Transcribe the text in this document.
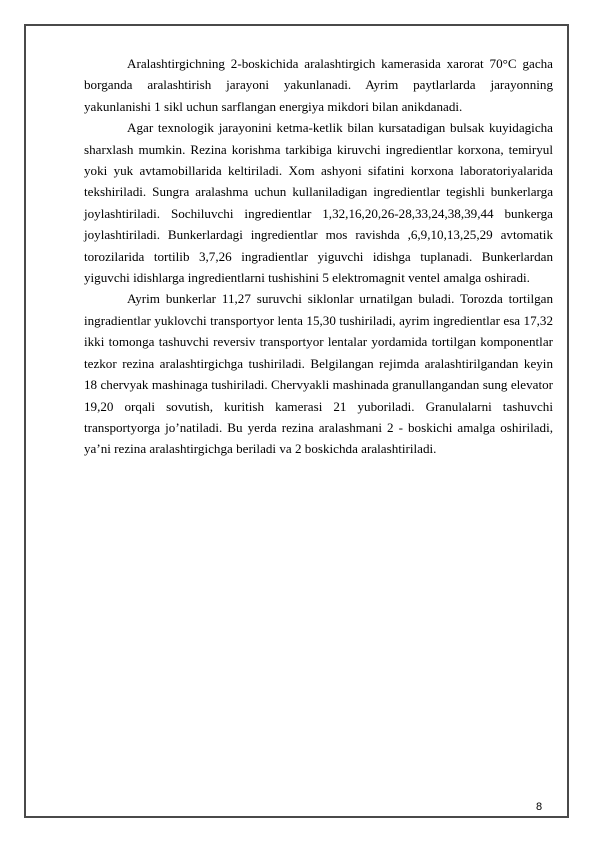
Aralashtirgichning 2-boskichida aralashtirgich kamerasida xarorat 70°C gacha borganda aralashtirish jarayoni yakunlanadi. Ayrim paytlarlarda jarayonning yakunlanishi 1 sikl uchun sarflangan energiya mikdori bilan anikdanadi.

Agar texnologik jarayonini ketma-ketlik bilan kursatadigan bulsak kuyidagicha sharxlash mumkin. Rezina korishma tarkibiga kiruvchi ingredientlar korxona, temiryul yoki yuk avtamobillarida keltiriladi. Xom ashyoni sifatini korxona laboratoriyalarida tekshiriladi. Sungra aralashma uchun kullaniladigan ingredientlar tegishli bunkerlarga joylashtiriladi. Sochiluvchi ingredientlar 1,32,16,20,26-28,33,24,38,39,44 bunkerga joylashtiriladi. Bunkerlardagi ingredientlar mos ravishda ,6,9,10,13,25,29 avtomatik torozilarida tortilib 3,7,26 ingradientlar yiguvchi idishga tuplanadi. Bunkerlardan yiguvchi idishlarga ingredientlarni tushishini 5 elektromagnit ventel amalga oshiradi.

Ayrim bunkerlar 11,27 suruvchi siklonlar urnatilgan buladi. Torozda tortilgan ingradientlar yuklovchi transportyor lenta 15,30 tushiriladi, ayrim ingredientlar esa 17,32 ikki tomonga tashuvchi reversiv transportyor lentalar yordamida tortilgan komponentlar tezkor rezina aralashtirgichga tushiriladi. Belgilangan rejimda aralashtirilgandan keyin 18 chervyak mashinaga tushiriladi. Chervyakli mashinada granullangandan sung elevator 19,20 orqali sovutish, kuritish kamerasi 21 yuboriladi. Granulalarni tashuvchi transportyorga jo’natiladi. Bu yerda rezina aralashmani 2 - boskichi amalga oshiriladi, ya’ni rezina aralashtirgichga beriladi va 2 boskichda aralashtiriladi.

8
